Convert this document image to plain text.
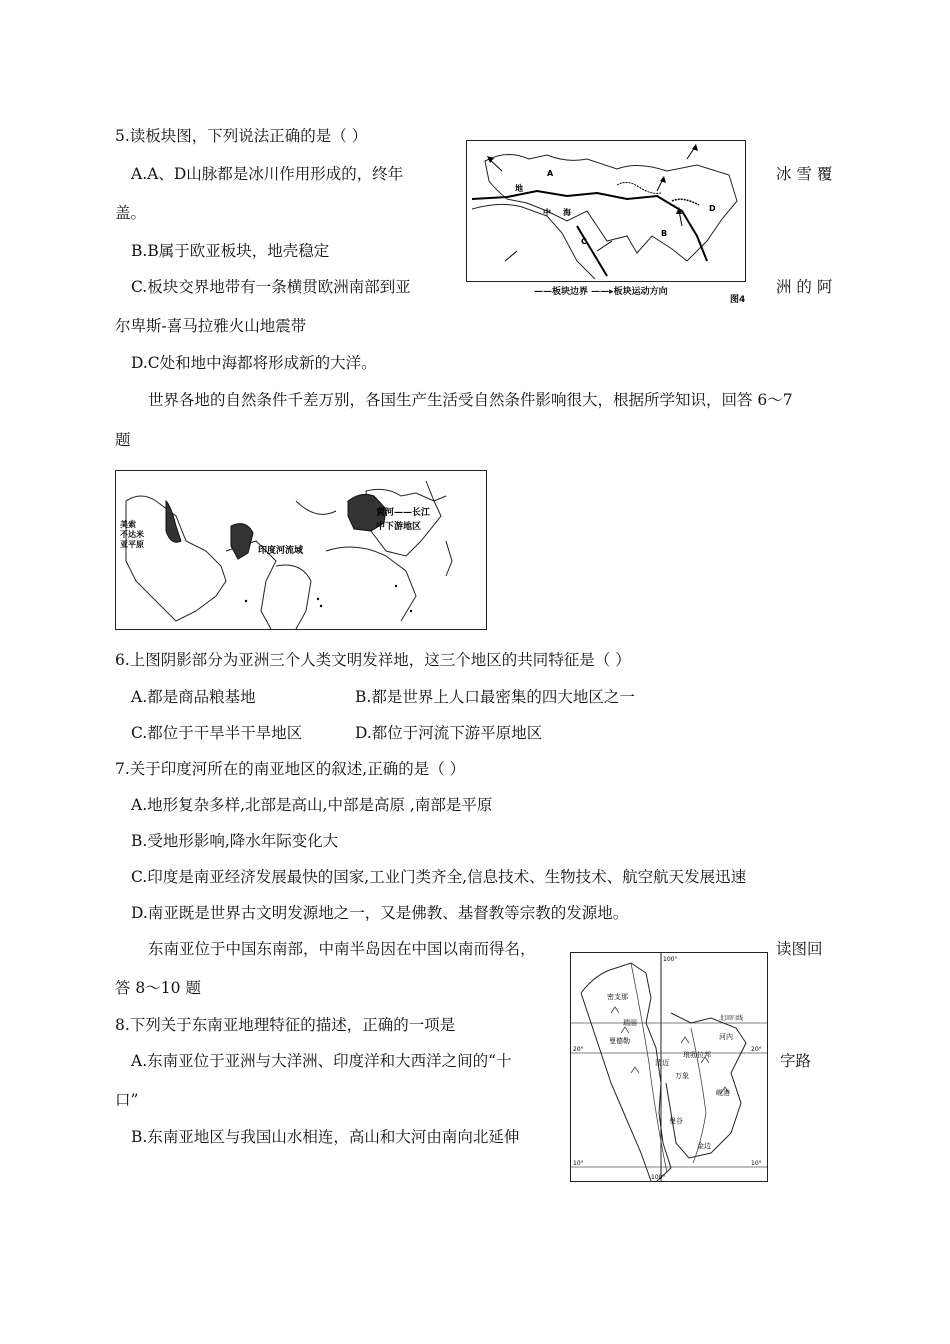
5.读板块图，下列说法正确的是（ ）
A.A、D山脉都是冰川作用形成的，终年	冰 雪 覆
盖。
B.B属于欧亚板块，地壳稳定
C.板块交界地带有一条横贯欧洲南部到亚	洲 的 阿
尔卑斯-喜马拉雅火山地震带
D.C处和地中海都将形成新的大洋。
A
B
C
D
地
中 海
——板块边界 ——▸板块运动方向
图4
世界各地的自然条件千差万别，各国生产生活受自然条件影响很大，根据所学知识，回答 6～7
题
美索
不达米
亚平原
印度河流域
黄河——长江
中下游地区
6.上图阴影部分为亚洲三个人类文明发祥地，这三个地区的共同特征是（ ）
A.都是商品粮基地	B.都是世界上人口最密集的四大地区之一
C.都位于干旱半干旱地区	D.都位于河流下游平原地区
7.关于印度河所在的南亚地区的叙述,正确的是（ ）
A.地形复杂多样,北部是高山,中部是高原 ,南部是平原
B.受地形影响,降水年际变化大
C.印度是南亚经济发展最快的国家,工业门类齐全,信息技术、生物技术、航空航天发展迅速
D.南亚既是世界古文明发源地之一，又是佛教、基督教等宗教的发源地。
东南亚位于中国东南部，中南半岛因在中国以南而得名，	读图回
答 8～10 题
8.下列关于东南亚地理特征的描述，正确的一项是
A.东南亚位于亚洲与大洋洲、印度洋和大西洋之间的“十	字路
口”
B.东南亚地区与我国山水相连，高山和大河由南向北延伸
100°
100°
北回归线
20°	20°
10°	10°
密支那
曼德勒
瑞丽
琅勃拉邦
河内
清迈
万象
曼谷
金边
岘港
